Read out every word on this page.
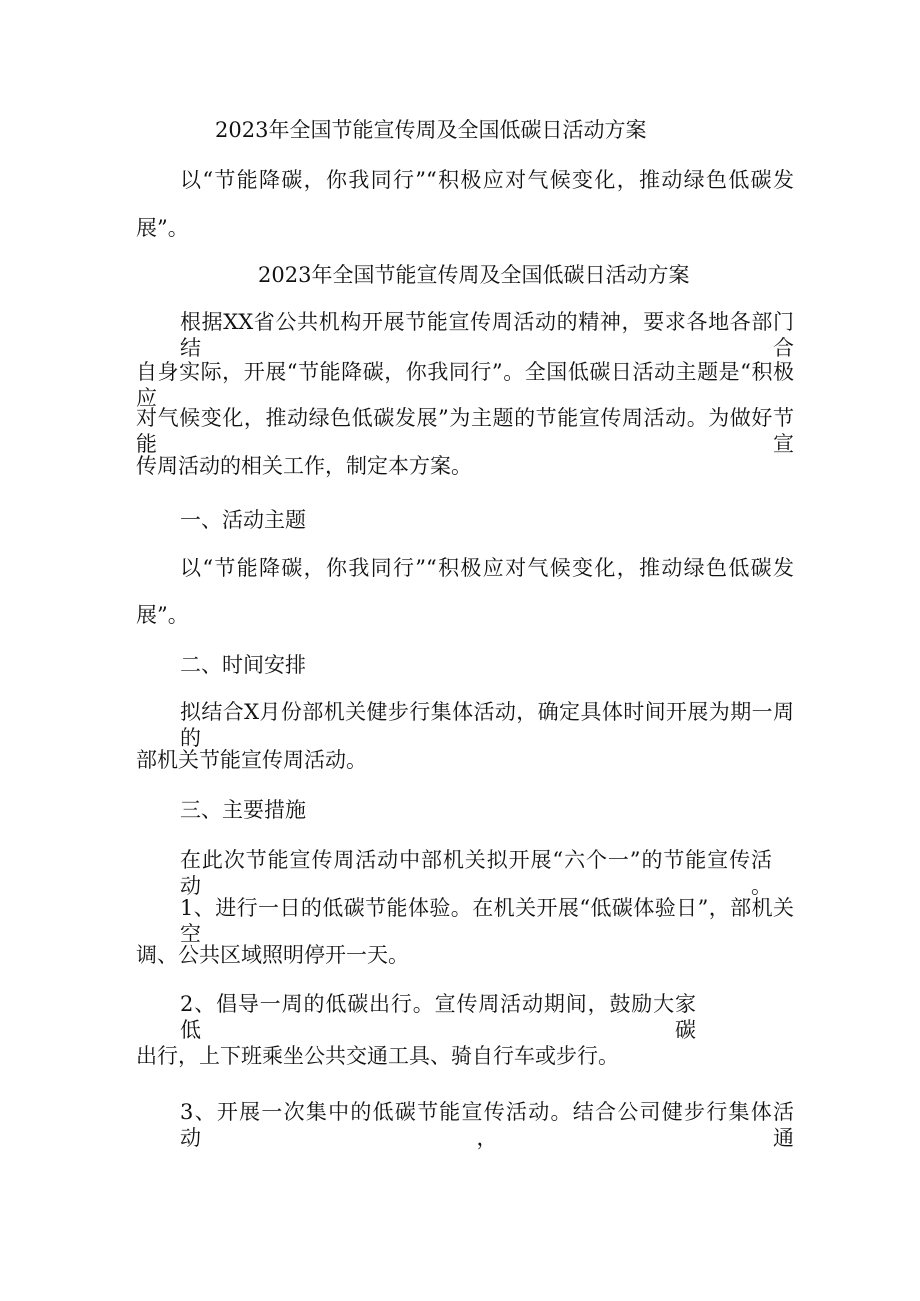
2023年全国节能宣传周及全国低碳日活动方案
以“节能降碳，你我同行”“积极应对气候变化，推动绿色低碳发
展”。
2023年全国节能宣传周及全国低碳日活动方案
根据XX省公共机构开展节能宣传周活动的精神，要求各地各部门结合
自身实际，开展“节能降碳，你我同行”。全国低碳日活动主题是“积极应
对气候变化，推动绿色低碳发展”为主题的节能宣传周活动。为做好节能宣
传周活动的相关工作，制定本方案。
一、活动主题
以“节能降碳，你我同行”“积极应对气候变化，推动绿色低碳发
展”。
二、时间安排
拟结合X月份部机关健步行集体活动，确定具体时间开展为期一周的
部机关节能宣传周活动。
三、主要措施
在此次节能宣传周活动中部机关拟开展“六个一”的节能宣传活动。
1、进行一日的低碳节能体验。在机关开展“低碳体验日”，部机关空
调、公共区域照明停开一天。
2、倡导一周的低碳出行。宣传周活动期间，鼓励大家低碳
出行，上下班乘坐公共交通工具、骑自行车或步行。
3、开展一次集中的低碳节能宣传活动。结合公司健步行集体活动，通
